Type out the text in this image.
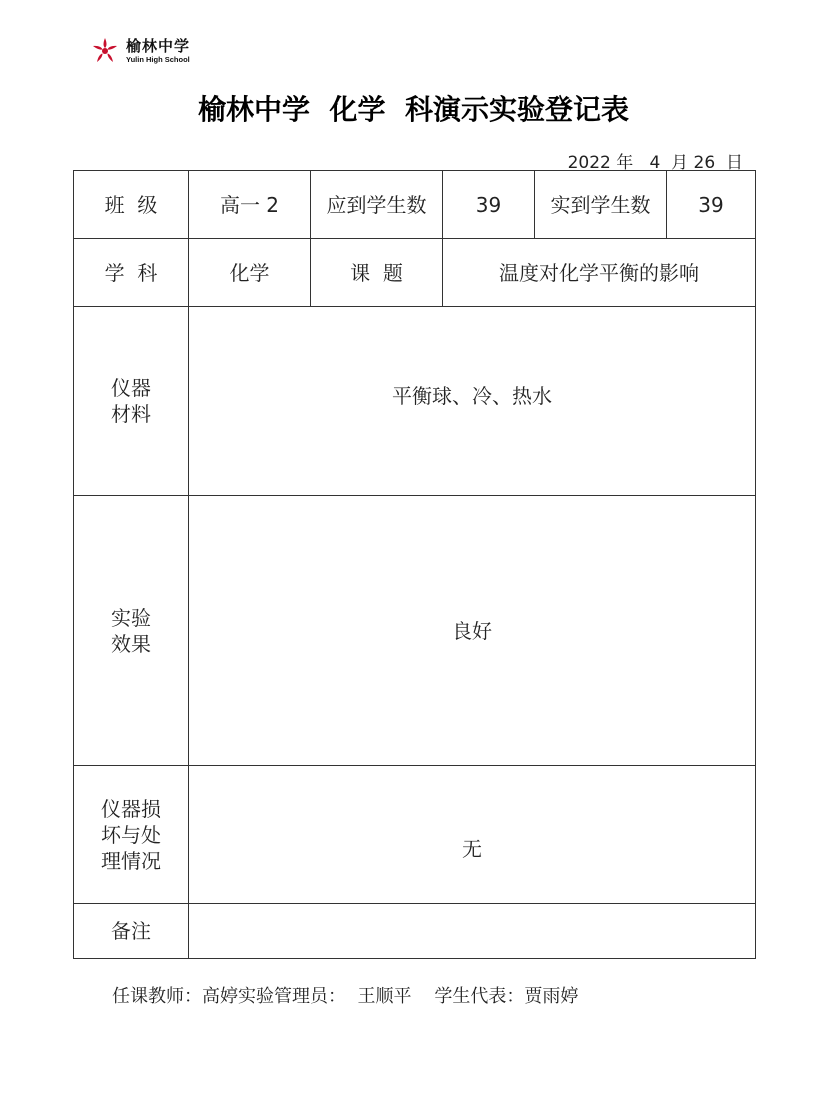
榆林中学
Yulin High School
榆林中学 化学 科演示实验登记表
2022 年 4 月 26 日
班  级	高一 2	应到学生数	39	实到学生数	39
学  科	化学	课  题	温度对化学平衡的影响		
仪器
材料	平衡球、冷、热水				
实验
效果	良好				
仪器损
坏与处
理情况	无				
备注					
任课教师：高婷实验管理员： 王顺平 学生代表：贾雨婷
